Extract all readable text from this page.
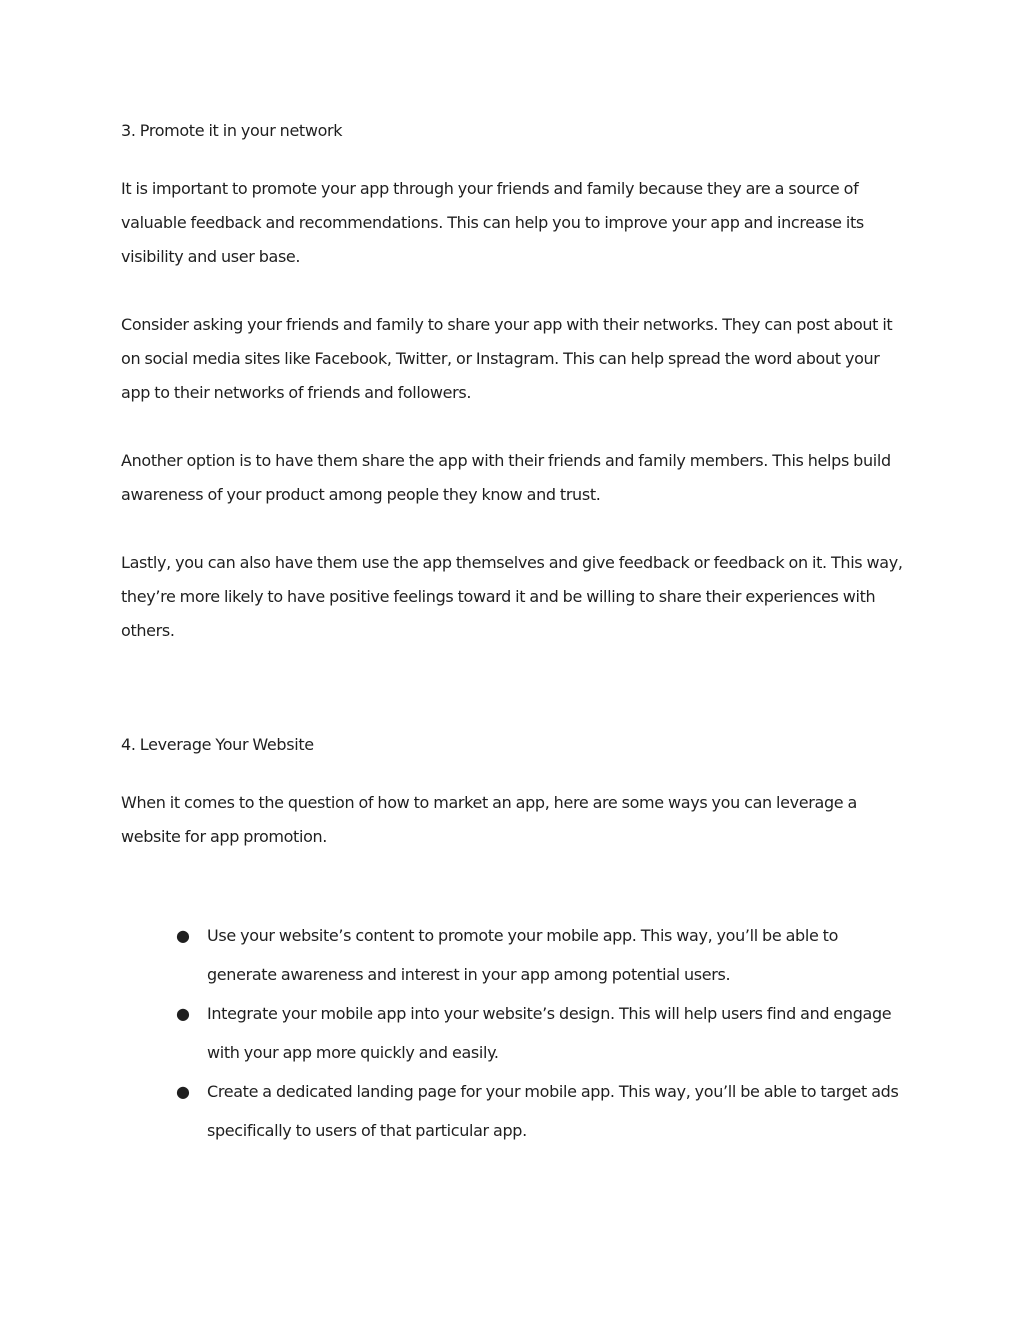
3. Promote it in your network

It is important to promote your app through your friends and family because they are a source of valuable feedback and recommendations. This can help you to improve your app and increase its visibility and user base.

Consider asking your friends and family to share your app with their networks. They can post about it on social media sites like Facebook, Twitter, or Instagram. This can help spread the word about your app to their networks of friends and followers.

Another option is to have them share the app with their friends and family members. This helps build awareness of your product among people they know and trust.

Lastly, you can also have them use the app themselves and give feedback or feedback on it. This way, they’re more likely to have positive feelings toward it and be willing to share their experiences with others.

4. Leverage Your Website

When it comes to the question of how to market an app, here are some ways you can leverage a website for app promotion.

● Use your website’s content to promote your mobile app. This way, you’ll be able to generate awareness and interest in your app among potential users.
● Integrate your mobile app into your website’s design. This will help users find and engage with your app more quickly and easily.
● Create a dedicated landing page for your mobile app. This way, you’ll be able to target ads specifically to users of that particular app.
